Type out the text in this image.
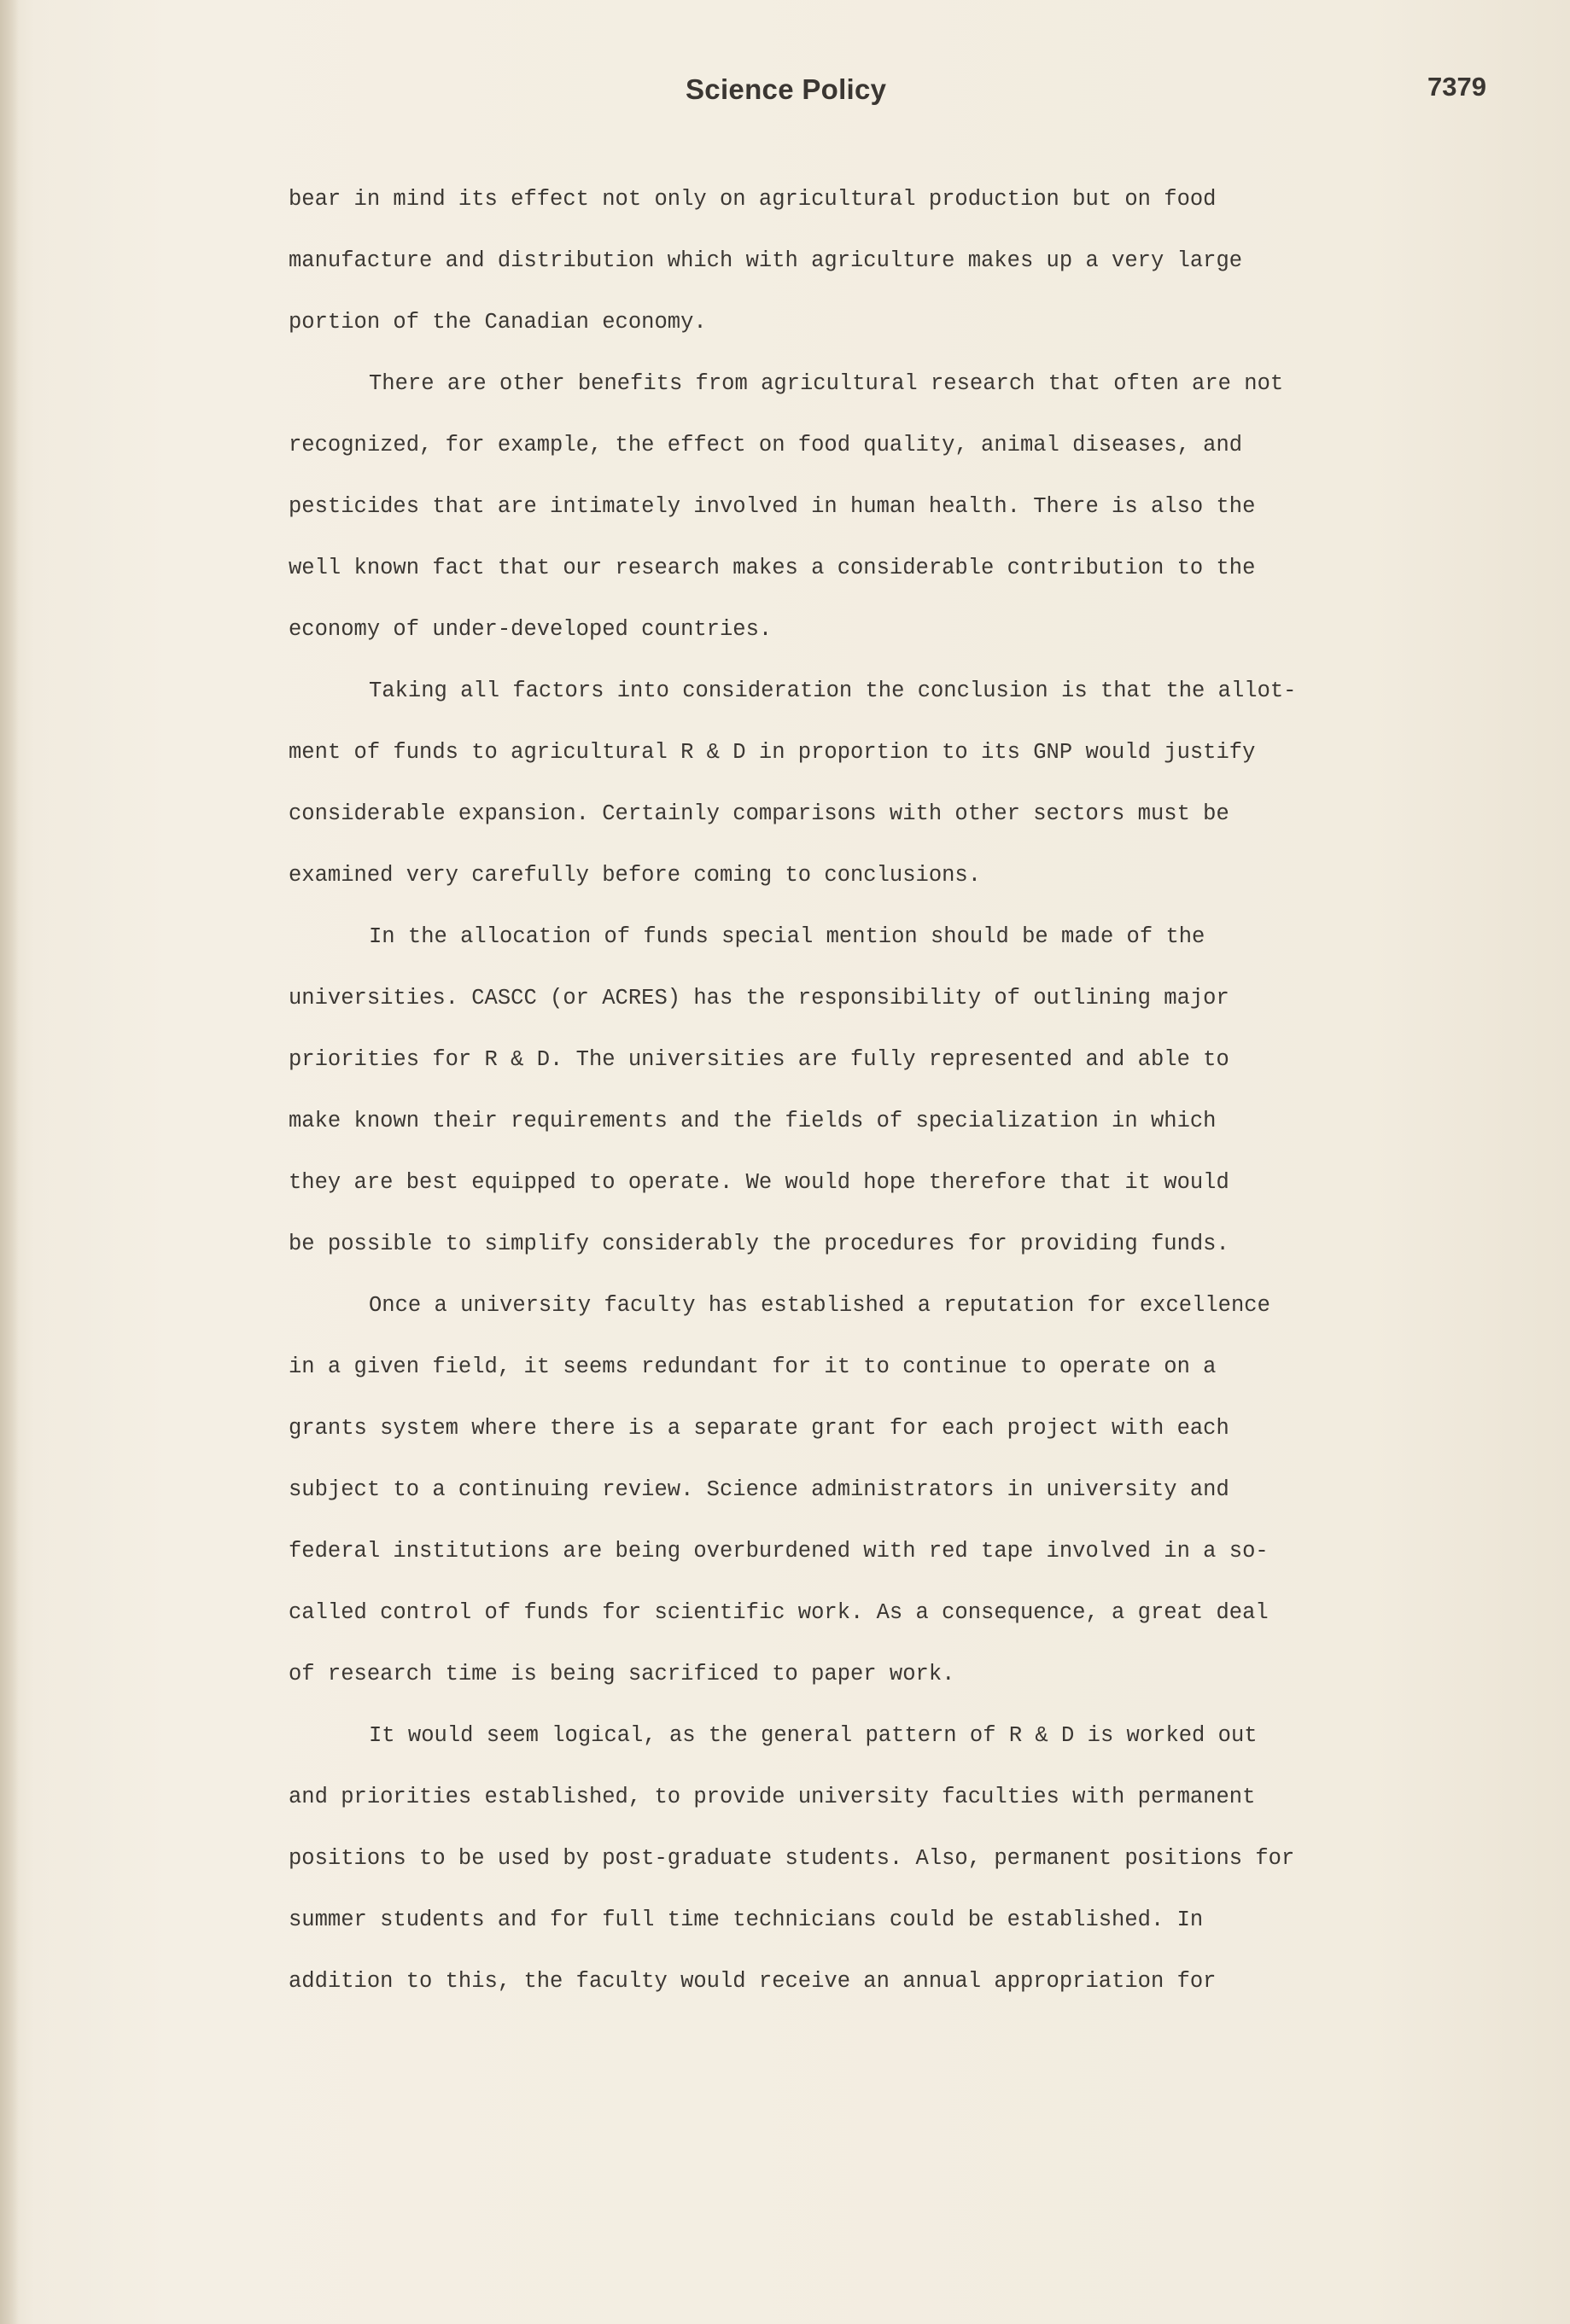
Science Policy	7379
bear in mind its effect not only on agricultural production but on food
manufacture and distribution which with agriculture makes up a very large
portion of the Canadian economy.
There are other benefits from agricultural research that often are not
recognized, for example, the effect on food quality, animal diseases, and
pesticides that are intimately involved in human health. There is also the
well known fact that our research makes a considerable contribution to the
economy of under-developed countries.
Taking all factors into consideration the conclusion is that the allot-
ment of funds to agricultural R & D in proportion to its GNP would justify
considerable expansion. Certainly comparisons with other sectors must be
examined very carefully before coming to conclusions.
In the allocation of funds special mention should be made of the
universities. CASCC (or ACRES) has the responsibility of outlining major
priorities for R & D. The universities are fully represented and able to
make known their requirements and the fields of specialization in which
they are best equipped to operate. We would hope therefore that it would
be possible to simplify considerably the procedures for providing funds.
Once a university faculty has established a reputation for excellence
in a given field, it seems redundant for it to continue to operate on a
grants system where there is a separate grant for each project with each
subject to a continuing review. Science administrators in university and
federal institutions are being overburdened with red tape involved in a so-
called control of funds for scientific work. As a consequence, a great deal
of research time is being sacrificed to paper work.
It would seem logical, as the general pattern of R & D is worked out
and priorities established, to provide university faculties with permanent
positions to be used by post-graduate students. Also, permanent positions for
summer students and for full time technicians could be established. In
addition to this, the faculty would receive an annual appropriation for
